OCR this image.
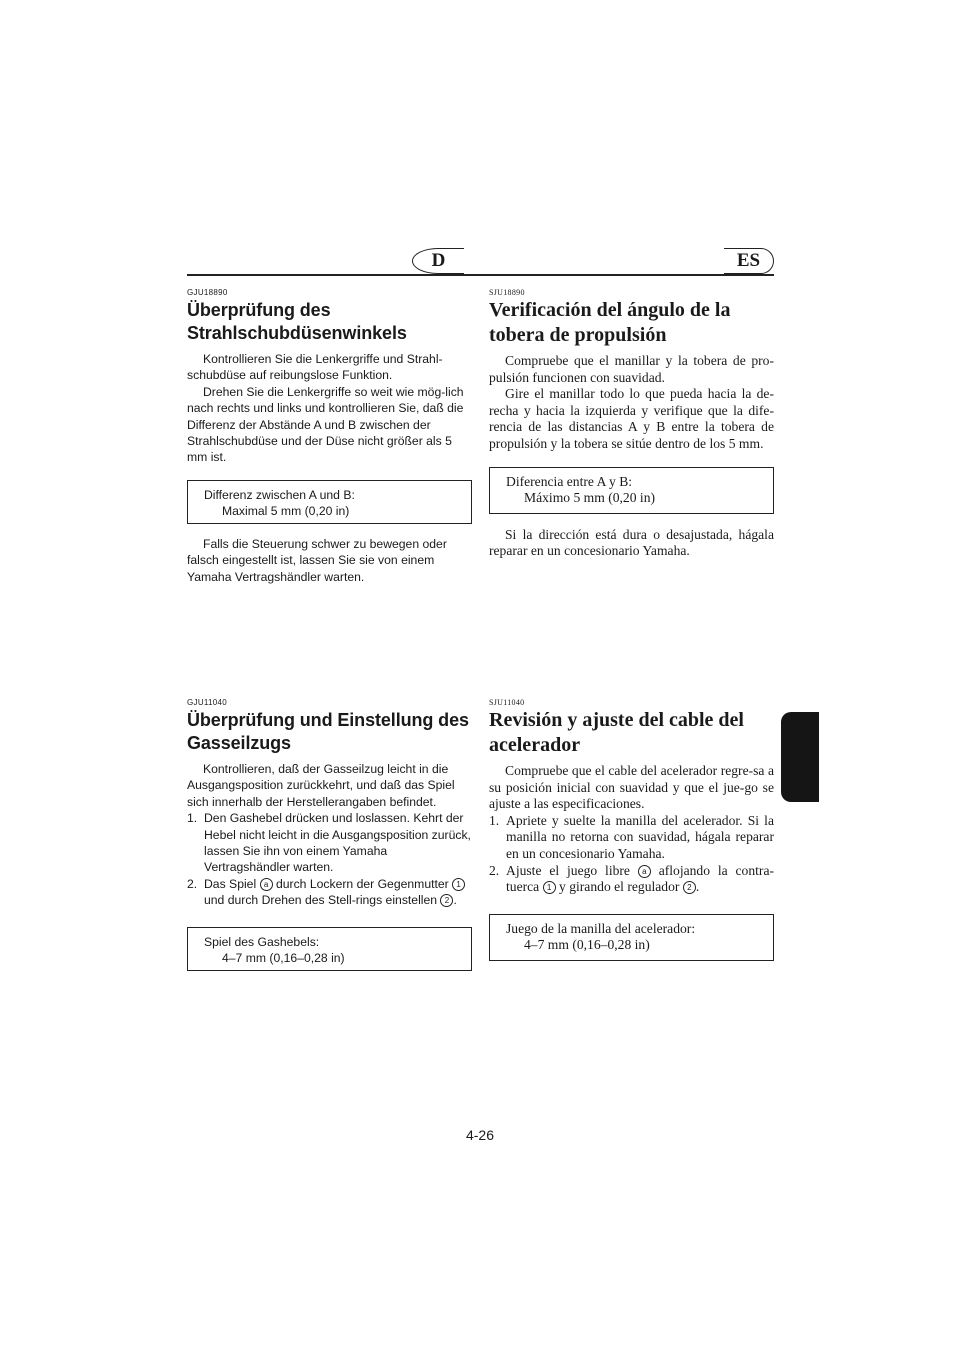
D	ES

GJU18890

Überprüfung des
Strahlschubdüsenwinkels

Kontrollieren Sie die Lenkergriffe und Strahl-schubdüse auf reibungslose Funktion.

Drehen Sie die Lenkergriffe so weit wie mög-lich nach rechts und links und kontrollieren Sie, daß die Differenz der Abstände A und B zwischen der Strahlschubdüse und der Düse nicht größer als 5 mm ist.

Differenz zwischen A und B:
Maximal 5 mm (0,20 in)

Falls die Steuerung schwer zu bewegen oder falsch eingestellt ist, lassen Sie sie von einem Yamaha Vertragshändler warten.

SJU18890

Verificación del ángulo de la
tobera de propulsión

Compruebe que el manillar y la tobera de pro-pulsión funcionen con suavidad.

Gire el manillar todo lo que pueda hacia la de-recha y hacia la izquierda y verifique que la dife-rencia de las distancias A y B entre la tobera de propulsión y la tobera se sitúe dentro de los 5 mm.

Diferencia entre A y B:
Máximo 5 mm (0,20 in)

Si la dirección está dura o desajustada, hágala reparar en un concesionario Yamaha.

GJU11040

Überprüfung und Einstellung des
Gasseilzugs

Kontrollieren, daß der Gasseilzug leicht in die Ausgangsposition zurückkehrt, und daß das Spiel sich innerhalb der Herstellerangaben befindet.

1. Den Gashebel drücken und loslassen. Kehrt der Hebel nicht leicht in die Ausgangsposition zurück, lassen Sie ihn von einem Yamaha Vertragshändler warten.
2. Das Spiel a durch Lockern der Gegenmutter 1 und durch Drehen des Stell-rings einstellen 2 .
Spiel des Gashebels:
4–7 mm (0,16–0,28 in)

SJU11040

Revisión y ajuste del cable del
acelerador

Compruebe que el cable del acelerador regre-sa a su posición inicial con suavidad y que el jue-go se ajuste a las especificaciones.

1. Apriete y suelte la manilla del acelerador. Si la manilla no retorna con suavidad, hágala reparar en un concesionario Yamaha.
2. Ajuste el juego libre a aflojando la contra-tuerca 1 y girando el regulador 2 .
Juego de la manilla del acelerador:
4–7 mm (0,16–0,28 in)
4-26
